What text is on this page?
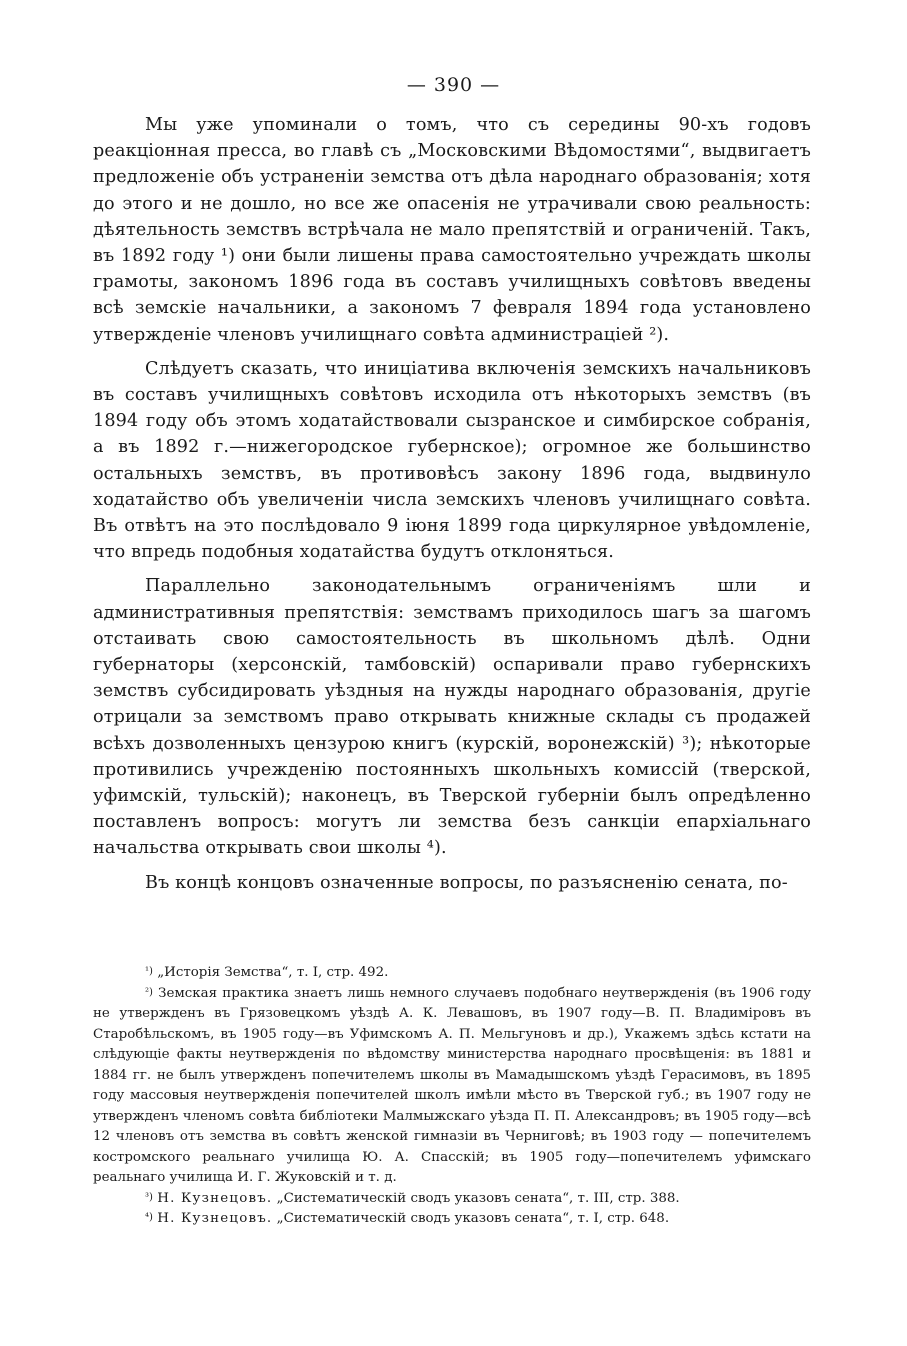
— 390 —

Мы уже упоминали о томъ, что съ середины 90-хъ годовъ реакціонная пресса, во главѣ съ „Московскими Вѣдомостями“, выдвигаетъ предложеніе объ устраненіи земства отъ дѣла народнаго образованія; хотя до этого и не дошло, но все же опасенія не утрачивали свою реальность: дѣятельность земствъ встрѣчала не мало препятствій и ограниченій. Такъ, въ 1892 году ¹) они были лишены права самостоятельно учреждать школы грамоты, закономъ 1896 года въ составъ училищныхъ совѣтовъ введены всѣ земскіе начальники, а закономъ 7 февраля 1894 года установлено утвержденіе членовъ училищнаго совѣта администраціей ²).

Слѣдуетъ сказать, что иниціатива включенія земскихъ начальниковъ въ составъ училищныхъ совѣтовъ исходила отъ нѣкоторыхъ земствъ (въ 1894 году объ этомъ ходатайствовали сызранское и симбирское собранія, а въ 1892 г.—нижегородское губернское); огромное же большинство остальныхъ земствъ, въ противовѣсъ закону 1896 года, выдвинуло ходатайство объ увеличеніи числа земскихъ членовъ училищнаго совѣта. Въ отвѣтъ на это послѣдовало 9 іюня 1899 года циркулярное увѣдомленіе, что впредь подобныя ходатайства будутъ отклоняться.

Параллельно законодательнымъ ограниченіямъ шли и административныя препятствія: земствамъ приходилось шагъ за шагомъ отстаивать свою самостоятельность въ школьномъ дѣлѣ. Одни губернаторы (херсонскій, тамбовскій) оспаривали право губернскихъ земствъ субсидировать уѣздныя на нужды народнаго образованія, другіе отрицали за земствомъ право открывать книжные склады съ продажей всѣхъ дозволенныхъ цензурою книгъ (курскій, воронежскій) ³); нѣкоторые противились учрежденію постоянныхъ школьныхъ комиссій (тверской, уфимскій, тульскій); наконецъ, въ Тверской губерніи былъ опредѣленно поставленъ вопросъ: могутъ ли земства безъ санкціи епархіальнаго начальства открывать свои школы ⁴).

Въ концѣ концовъ означенные вопросы, по разъясненію сената, по-

$^{^1)}$ „Исторія Земства“, т. I, стр. 492.

$^{^2)}$ Земская практика знаетъ лишь немного случаевъ подобнаго неутвержденія (въ 1906 году не утвержденъ въ Грязовецкомъ уѣздѣ А. К. Левашовъ, въ 1907 году—В. П. Владиміровъ въ Старобѣльскомъ, въ 1905 году—въ Уфимскомъ А. П. Мельгуновъ и др.), Укажемъ здѣсь кстати на слѣдующіе факты неутвержденія по вѣдомству министерства народнаго просвѣщенія: въ 1881 и 1884 гг. не былъ утвержденъ попечителемъ школы въ Мамадышскомъ уѣздѣ Герасимовъ, въ 1895 году массовыя неутвержденія попечителей школъ имѣли мѣсто въ Тверской губ.; въ 1907 году не утвержденъ членомъ совѣта библіотеки Малмыжскаго уѣзда П. П. Александровъ; въ 1905 году—всѣ 12 членовъ отъ земства въ совѣтъ женской гимназіи въ Черниговѣ; въ 1903 году — попечителемъ костромского реальнаго училища Ю. А. Спасскій; въ 1905 году—попечителемъ уфимскаго реальнаго училища И. Г. Жуковскій и т. д.

$^{^3)}$ Н. Кузнецовъ. „Систематическій сводъ указовъ сената“, т. III, стр. 388.

$^{^4)}$ Н. Кузнецовъ. „Систематическій сводъ указовъ сената“, т. I, стр. 648.
